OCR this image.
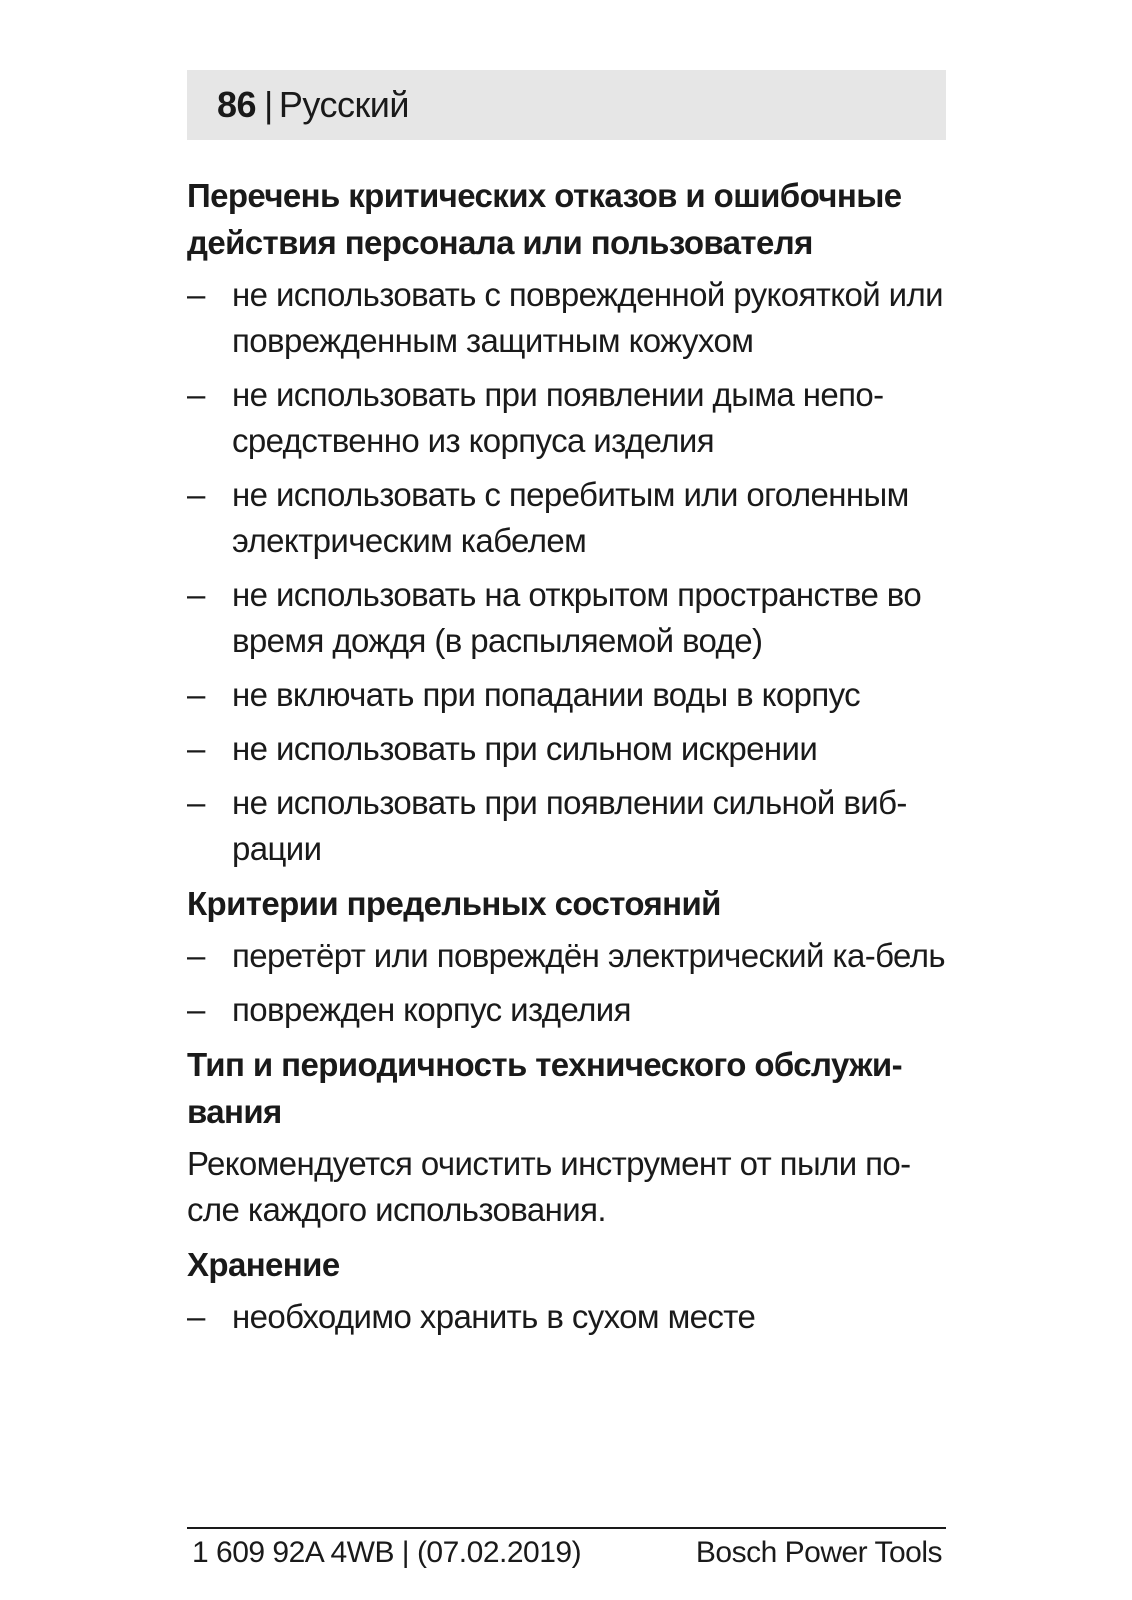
86 | Русский
Перечень критических отказов и ошибочные действия персонала или пользователя
– не использовать с поврежденной рукояткой или поврежденным защитным кожухом
– не использовать при появлении дыма непо-средственно из корпуса изделия
– не использовать с перебитым или оголенным электрическим кабелем
– не использовать на открытом пространстве во время дождя (в распыляемой воде)
– не включать при попадании воды в корпус
– не использовать при сильном искрении
– не использовать при появлении сильной виб-рации
Критерии предельных состояний
– перетёрт или повреждён электрический ка-бель
– поврежден корпус изделия
Тип и периодичность технического обслужи-вания

Рекомендуется очистить инструмент от пыли по-сле каждого использования.

Хранение
– необходимо хранить в сухом месте
1 609 92A 4WB | (07.02.2019)	Bosch Power Tools
